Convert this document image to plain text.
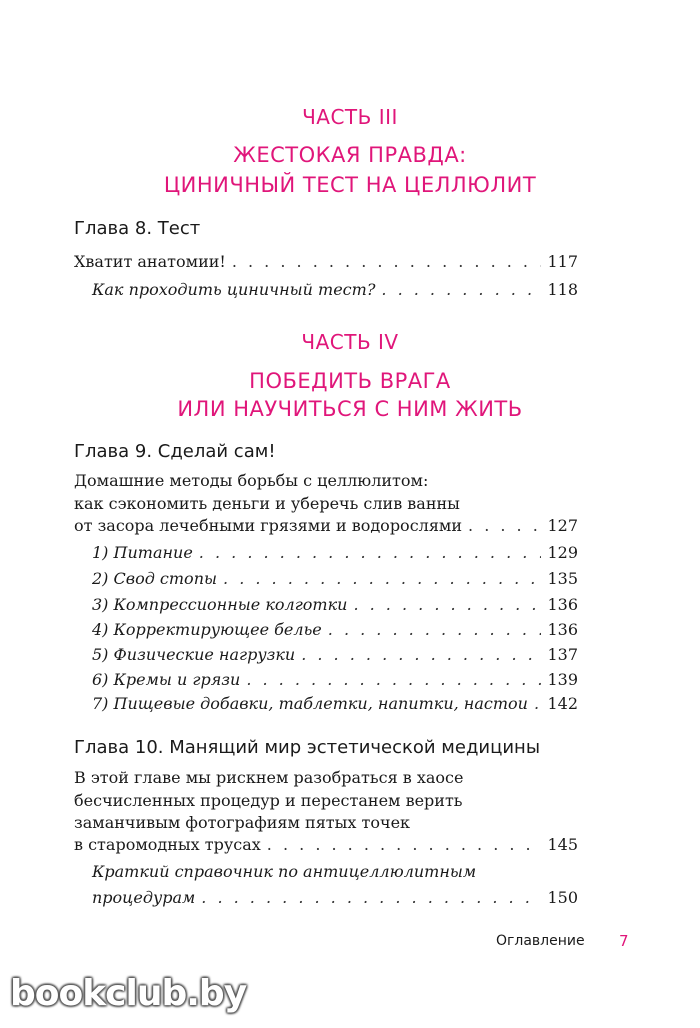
ЧАСТЬ III
ЖЕСТОКАЯ ПРАВДА:
ЦИНИЧНЫЙ ТЕСТ НА ЦЕЛЛЮЛИТ
Глава 8. Тест
Хватит анатомии! . . .	117
Как проходить циничный тест? . . .	118
ЧАСТЬ IV
ПОБЕДИТЬ ВРАГА
ИЛИ НАУЧИТЬСЯ С НИМ ЖИТЬ
Глава 9. Сделай сам!
Домашние методы борьбы с целлюлитом:
как сэкономить деньги и уберечь слив ванны
от засора лечебными грязями и водорослями . . .	127
1) Питание . . .	129
2) Свод стопы . . .	135
3) Компрессионные колготки . . .	136
4) Корректирующее белье . . .	136
5) Физические нагрузки . . .	137
6) Кремы и грязи . . .	139
7) Пищевые добавки, таблетки, напитки, настои . . . 142
Глава 10. Манящий мир эстетической медицины
В этой главе мы рискнем разобраться в хаосе
бесчисленных процедур и перестанем верить
заманчивым фотографиям пятых точек
в старомодных трусах . . .	145
Краткий справочник по антицеллюлитным
процедурам . . .	150
Оглавление 7
bookclub.by
